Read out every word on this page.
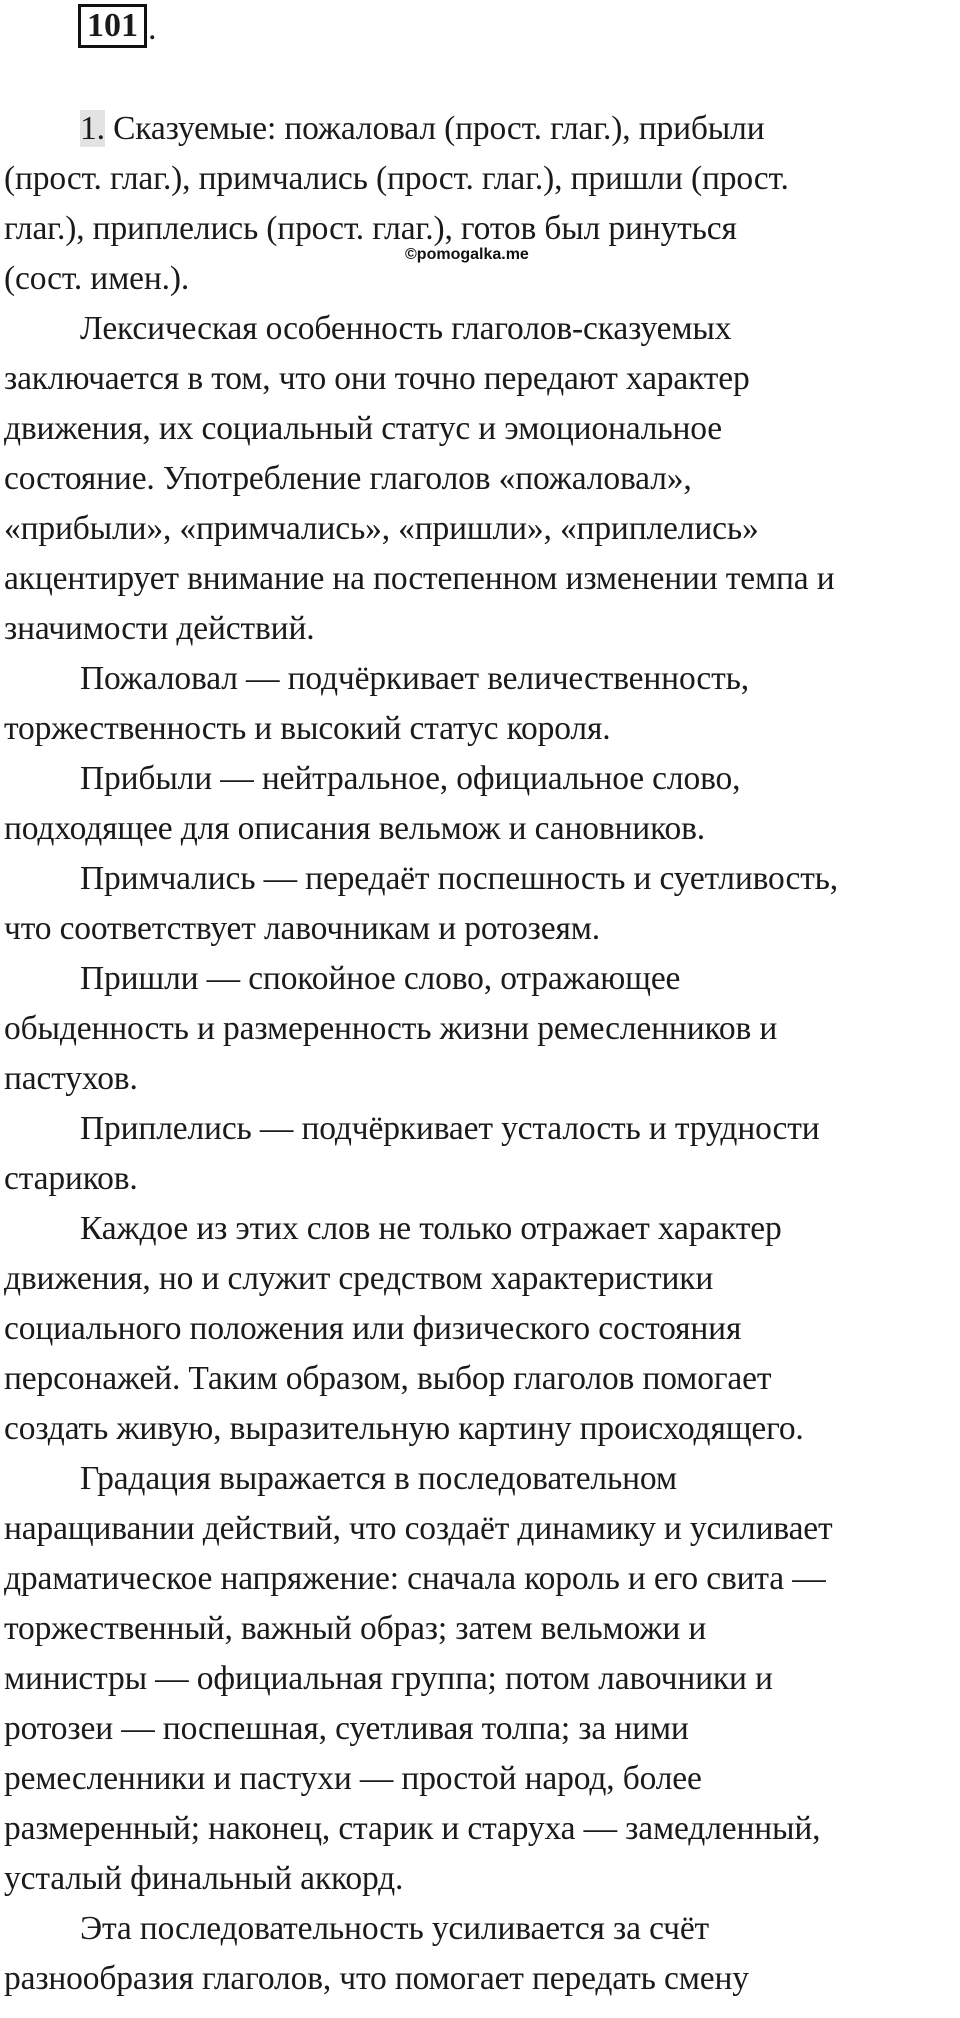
101 .
©pomogalka.me
1. Сказуемые: пожаловал (прост. глаг.), прибыли
(прост. глаг.), примчались (прост. глаг.), пришли (прост.
глаг.), приплелись (прост. глаг.), готов был ринуться
(сост. имен.).
Лексическая особенность глаголов-сказуемых
заключается в том, что они точно передают характер
движения, их социальный статус и эмоциональное
состояние. Употребление глаголов «пожаловал»,
«прибыли», «примчались», «пришли», «приплелись»
акцентирует внимание на постепенном изменении темпа и
значимости действий.
Пожаловал — подчёркивает величественность,
торжественность и высокий статус короля.
Прибыли — нейтральное, официальное слово,
подходящее для описания вельмож и сановников.
Примчались — передаёт поспешность и суетливость,
что соответствует лавочникам и ротозеям.
Пришли — спокойное слово, отражающее
обыденность и размеренность жизни ремесленников и
пастухов.
Приплелись — подчёркивает усталость и трудности
стариков.
Каждое из этих слов не только отражает характер
движения, но и служит средством характеристики
социального положения или физического состояния
персонажей. Таким образом, выбор глаголов помогает
создать живую, выразительную картину происходящего.
Градация выражается в последовательном
наращивании действий, что создаёт динамику и усиливает
драматическое напряжение: сначала король и его свита —
торжественный, важный образ; затем вельможи и
министры — официальная группа; потом лавочники и
ротозеи — поспешная, суетливая толпа; за ними
ремесленники и пастухи — простой народ, более
размеренный; наконец, старик и старуха — замедленный,
усталый финальный аккорд.
Эта последовательность усиливается за счёт
разнообразия глаголов, что помогает передать смену
